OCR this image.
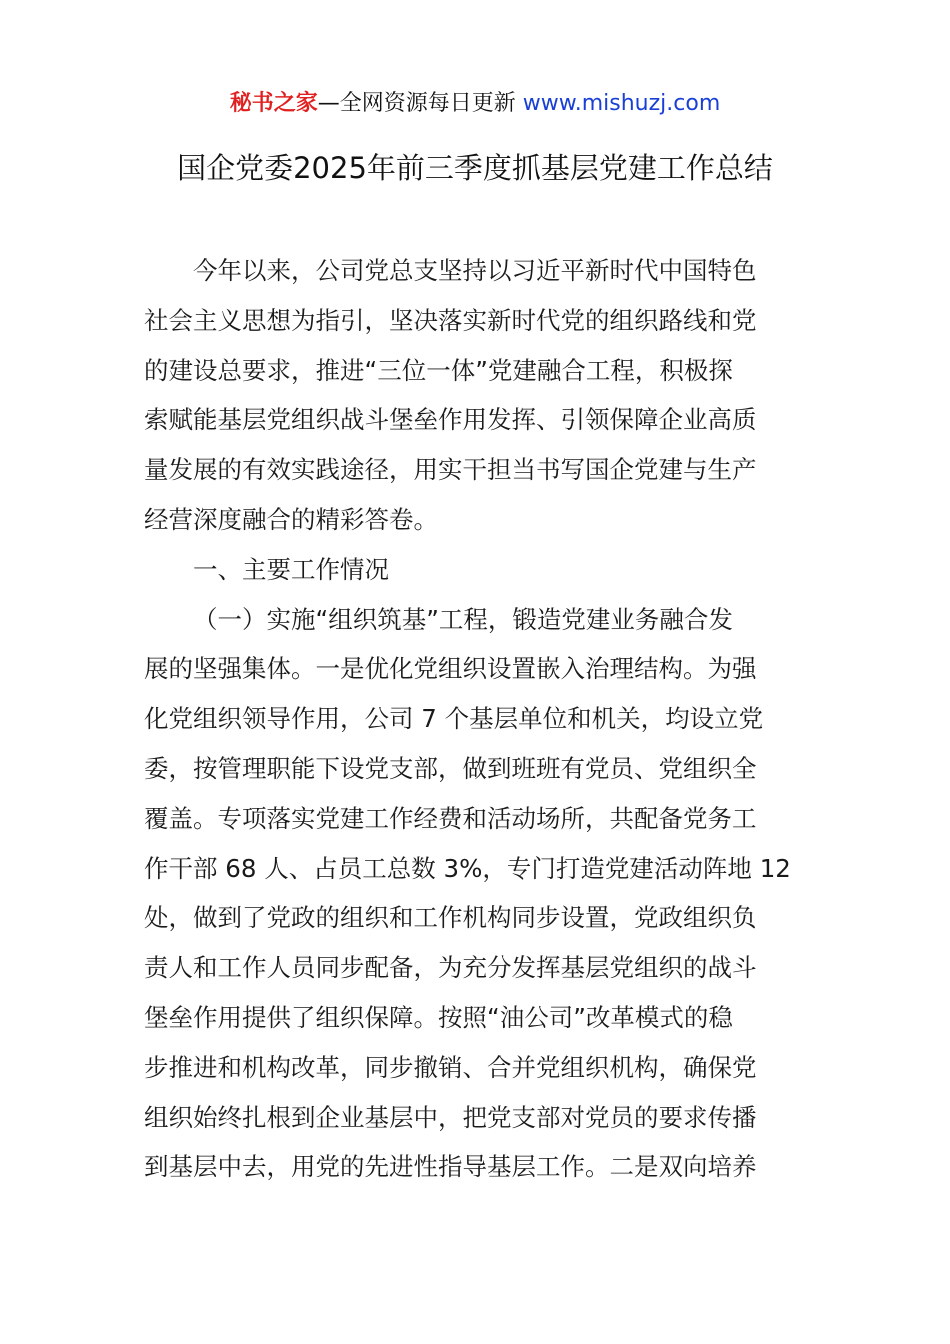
秘书之家—全网资源每日更新 www.mishuzj.com
国企党委2025年前三季度抓基层党建工作总结
今年以来，公司党总支坚持以习近平新时代中国特色
社会主义思想为指引，坚决落实新时代党的组织路线和党
的建设总要求，推进“三位一体”党建融合工程，积极探
索赋能基层党组织战斗堡垒作用发挥、引领保障企业高质
量发展的有效实践途径，用实干担当书写国企党建与生产
经营深度融合的精彩答卷。
一、主要工作情况
（一）实施“组织筑基”工程，锻造党建业务融合发
展的坚强集体。一是优化党组织设置嵌入治理结构。为强
化党组织领导作用，公司 7 个基层单位和机关，均设立党
委，按管理职能下设党支部，做到班班有党员、党组织全
覆盖。专项落实党建工作经费和活动场所，共配备党务工
作干部 68 人、占员工总数 3%，专门打造党建活动阵地 12
处，做到了党政的组织和工作机构同步设置，党政组织负
责人和工作人员同步配备，为充分发挥基层党组织的战斗
堡垒作用提供了组织保障。按照“油公司”改革模式的稳
步推进和机构改革，同步撤销、合并党组织机构，确保党
组织始终扎根到企业基层中，把党支部对党员的要求传播
到基层中去，用党的先进性指导基层工作。二是双向培养
